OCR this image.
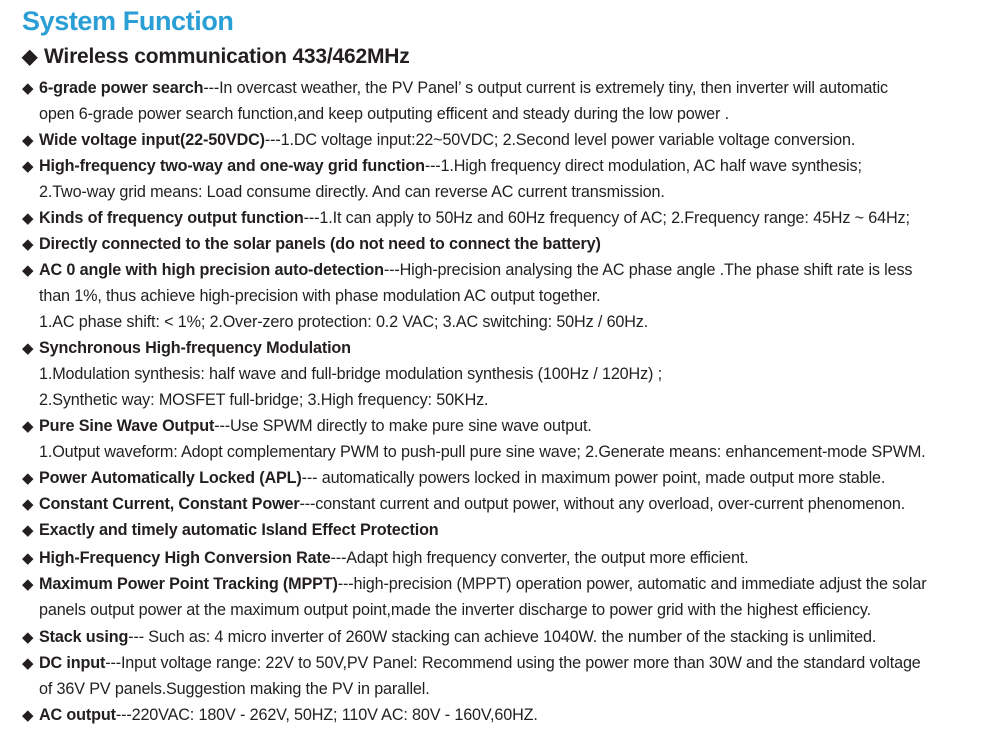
System Function
◆ Wireless communication 433/462MHz
◆ 6-grade power search---In overcast weather, the PV Panel’ s output current is extremely tiny, then inverter will automatic
open 6-grade power search function,and keep outputing efficent and steady during the low power .
◆ Wide voltage input(22-50VDC)---1.DC voltage input:22~50VDC; 2.Second level power variable voltage conversion.
◆ High-frequency two-way and one-way grid function---1.High frequency direct modulation, AC half wave synthesis;
2.Two-way grid means: Load consume directly. And can reverse AC current transmission.
◆ Kinds of frequency output function---1.It can apply to 50Hz and 60Hz frequency of AC; 2.Frequency range: 45Hz ~ 64Hz;
◆ Directly connected to the solar panels (do not need to connect the battery)
◆ AC 0 angle with high precision auto-detection---High-precision analysing the AC phase angle .The phase shift rate is less
than 1%, thus achieve high-precision with phase modulation AC output together.
1.AC phase shift: < 1%; 2.Over-zero protection: 0.2 VAC; 3.AC switching: 50Hz / 60Hz.
◆ Synchronous High-frequency Modulation
1.Modulation synthesis: half wave and full-bridge modulation synthesis (100Hz / 120Hz) ;
2.Synthetic way: MOSFET full-bridge; 3.High frequency: 50KHz.
◆ Pure Sine Wave Output---Use SPWM directly to make pure sine wave output.
1.Output waveform: Adopt complementary PWM to push-pull pure sine wave; 2.Generate means: enhancement-mode SPWM.
◆ Power Automatically Locked (APL)--- automatically powers locked in maximum power point, made output more stable.
◆ Constant Current, Constant Power---constant current and output power, without any overload, over-current phenomenon.
◆ Exactly and timely automatic Island Effect Protection
◆ High-Frequency High Conversion Rate---Adapt high frequency converter, the output more efficient.
◆ Maximum Power Point Tracking (MPPT)---high-precision (MPPT) operation power, automatic and immediate adjust the solar
panels output power at the maximum output point,made the inverter discharge to power grid with the highest efficiency.
◆ Stack using--- Such as: 4 micro inverter of 260W stacking can achieve 1040W. the number of the stacking is unlimited.
◆ DC input---Input voltage range: 22V to 50V,PV Panel: Recommend using the power more than 30W and the standard voltage
of 36V PV panels.Suggestion making the PV in parallel.
◆ AC output---220VAC: 180V - 262V, 50HZ; 110V AC: 80V - 160V,60HZ.
